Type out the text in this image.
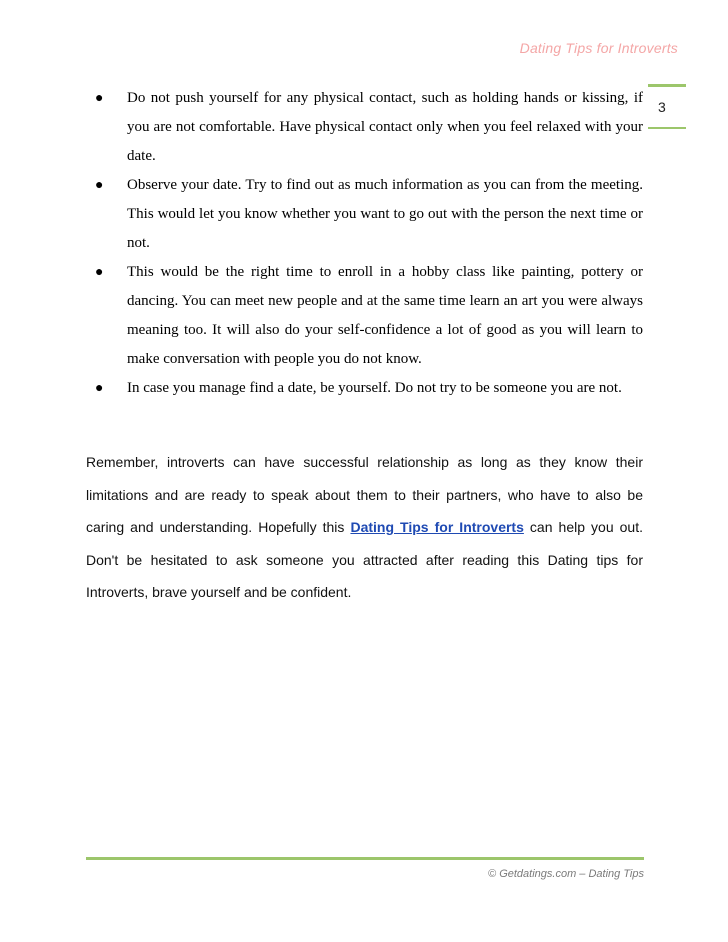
Dating Tips for Introverts
3
● Do not push yourself for any physical contact, such as holding hands or kissing, if you are not comfortable. Have physical contact only when you feel relaxed with your date.
● Observe your date. Try to find out as much information as you can from the meeting. This would let you know whether you want to go out with the person the next time or not.
● This would be the right time to enroll in a hobby class like painting, pottery or dancing. You can meet new people and at the same time learn an art you were always meaning too. It will also do your self-confidence a lot of good as you will learn to make conversation with people you do not know.
● In case you manage find a date, be yourself. Do not try to be someone you are not.

Remember, introverts can have successful relationship as long as they know their limitations and are ready to speak about them to their partners, who have to also be caring and understanding. Hopefully this Dating Tips for Introverts can help you out. Don't be hesitated to ask someone you attracted after reading this Dating tips for Introverts, brave yourself and be confident.

© Getdatings.com – Dating Tips
